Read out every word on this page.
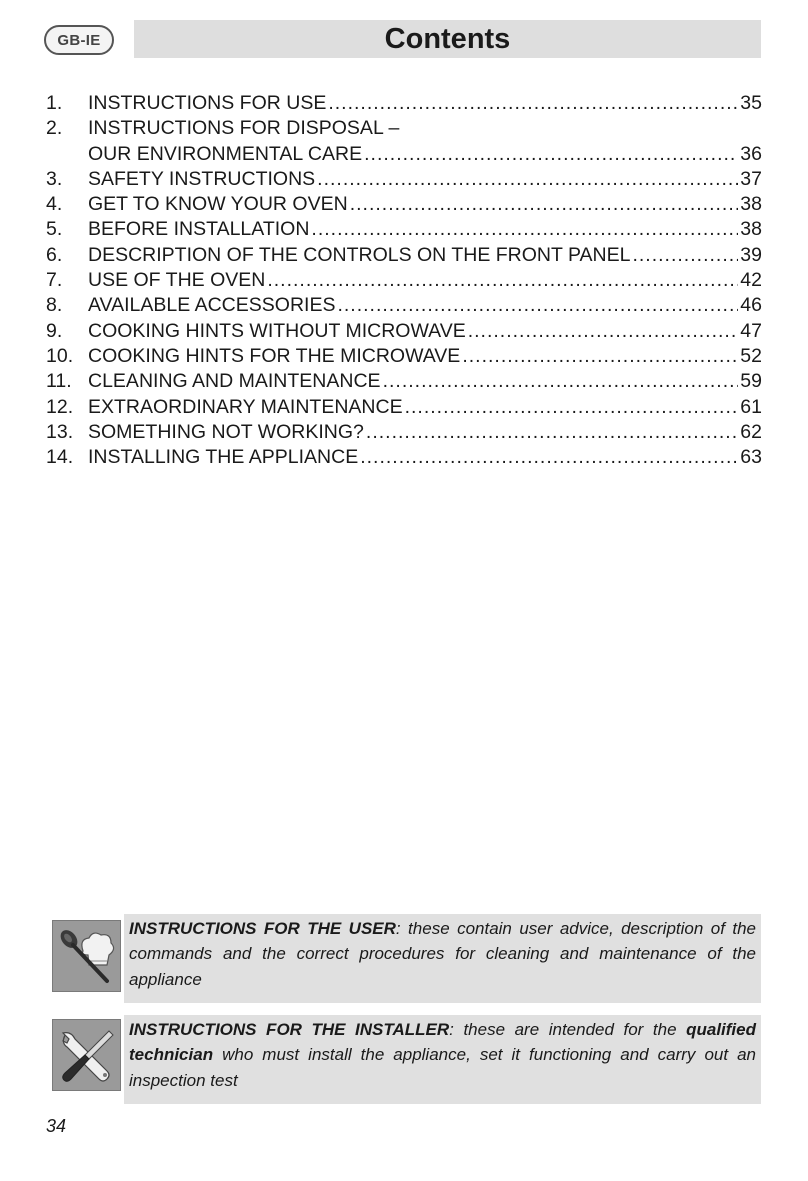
GB-IE	Contents
1.	INSTRUCTIONS FOR USE .....	35
2.	INSTRUCTIONS FOR DISPOSAL –
OUR ENVIRONMENTAL CARE .....	36
3.	SAFETY INSTRUCTIONS .....	37
4.	GET TO KNOW YOUR OVEN .....	38
5.	BEFORE INSTALLATION .....	38
6.	DESCRIPTION OF THE CONTROLS ON THE FRONT PANEL .....	39
7.	USE OF THE OVEN .....	42
8.	AVAILABLE ACCESSORIES .....	46
9.	COOKING HINTS WITHOUT MICROWAVE .....	47
10. COOKING HINTS FOR THE MICROWAVE .....	52
11. CLEANING AND MAINTENANCE .....	59
12. EXTRAORDINARY MAINTENANCE .....	61
13. SOMETHING NOT WORKING? .....	62
14. INSTALLING THE APPLIANCE .....	63
INSTRUCTIONS FOR THE USER: these contain user advice, description of the commands and the correct procedures for cleaning and maintenance of the appliance
INSTRUCTIONS FOR THE INSTALLER: these are intended for the qualified technician who must install the appliance, set it functioning and carry out an inspection test
34
